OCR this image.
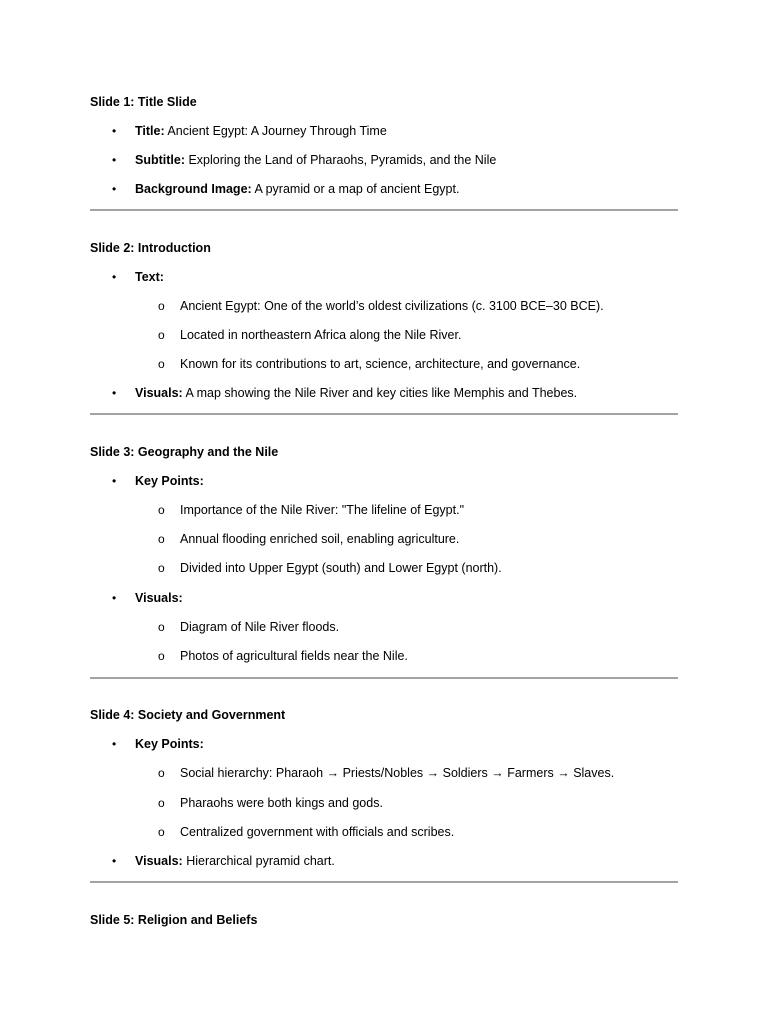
Slide 1: Title Slide
• Title: Ancient Egypt: A Journey Through Time
• Subtitle: Exploring the Land of Pharaohs, Pyramids, and the Nile
• Background Image: A pyramid or a map of ancient Egypt.
Slide 2: Introduction
• Text:
o Ancient Egypt: One of the world’s oldest civilizations (c. 3100 BCE–30 BCE).
o Located in northeastern Africa along the Nile River.
o Known for its contributions to art, science, architecture, and governance.
• Visuals: A map showing the Nile River and key cities like Memphis and Thebes.
Slide 3: Geography and the Nile
• Key Points:
o Importance of the Nile River: "The lifeline of Egypt."
o Annual flooding enriched soil, enabling agriculture.
o Divided into Upper Egypt (south) and Lower Egypt (north).
• Visuals:
o Diagram of Nile River floods.
o Photos of agricultural fields near the Nile.
Slide 4: Society and Government
• Key Points:
o Social hierarchy: Pharaoh → Priests/Nobles → Soldiers → Farmers → Slaves.
o Pharaohs were both kings and gods.
o Centralized government with officials and scribes.
• Visuals: Hierarchical pyramid chart.
Slide 5: Religion and Beliefs
